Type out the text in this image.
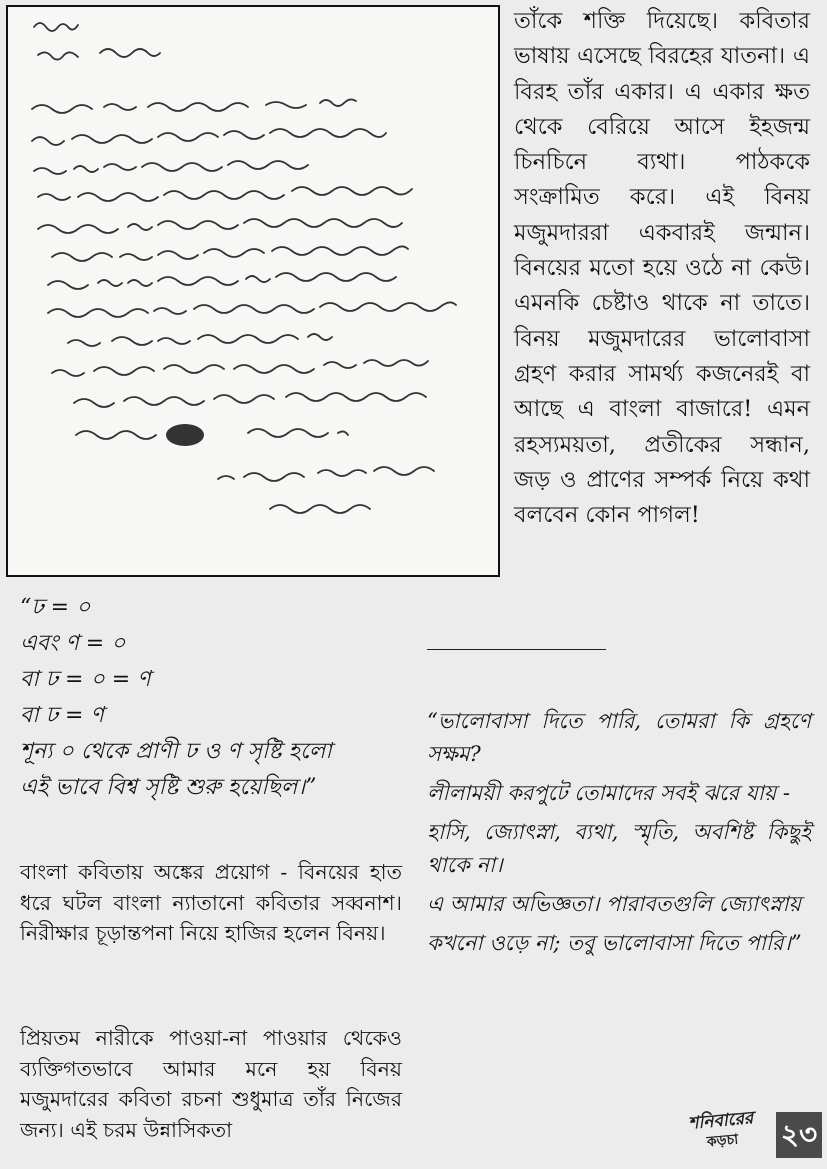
তাঁকে শক্তি দিয়েছে। কবিতার ভাষায় এসেছে বিরহের যাতনা। এ বিরহ তাঁর একার। এ একার ক্ষত থেকে বেরিয়ে আসে ইহজন্ম চিনচিনে ব্যথা। পাঠককে সংক্রামিত করে। এই বিনয় মজুমদাররা একবারই জন্মান। বিনয়ের মতো হয়ে ওঠে না কেউ। এমনকি চেষ্টাও থাকে না তাতে। বিনয় মজুমদারের ভালোবাসা গ্রহণ করার সামর্থ্য কজনেরই বা আছে এ বাংলা বাজারে! এমন রহস্যময়তা, প্রতীকের সন্ধান, জড় ও প্রাণের সম্পর্ক নিয়ে কথা বলবেন কোন পাগল!

“ঢ = ০
এবং ণ = ০
বা ঢ = ০ = ণ
বা ঢ = ণ
শূন্য ০ থেকে প্রাণী ঢ ও ণ সৃষ্টি হলো
এই ভাবে বিশ্ব সৃষ্টি শুরু হয়েছিল।”

বাংলা কবিতায় অঙ্কের প্রয়োগ - বিনয়ের হাত ধরে ঘটল বাংলা ন্যাতানো কবিতার সব্বনাশ। নিরীক্ষার চূড়ান্তপনা নিয়ে হাজির হলেন বিনয়।

প্রিয়তম নারীকে পাওয়া-না পাওয়ার থেকেও ব্যক্তিগতভাবে আমার মনে হয় বিনয় মজুমদারের কবিতা রচনা শুধুমাত্র তাঁর নিজের জন্য। এই চরম উন্নাসিকতা

“ভালোবাসা দিতে পারি, তোমরা কি গ্রহণে সক্ষম?
লীলাময়ী করপুটে তোমাদের সবই ঝরে যায় -
হাসি, জ্যোৎস্না, ব্যথা, স্মৃতি, অবশিষ্ট কিছুই থাকে না।
এ আমার অভিজ্ঞতা। পারাবতগুলি জ্যোৎস্নায়
কখনো ওড়ে না; তবু ভালোবাসা দিতে পারি।”
শনিবারের
কড়চা	২৩
